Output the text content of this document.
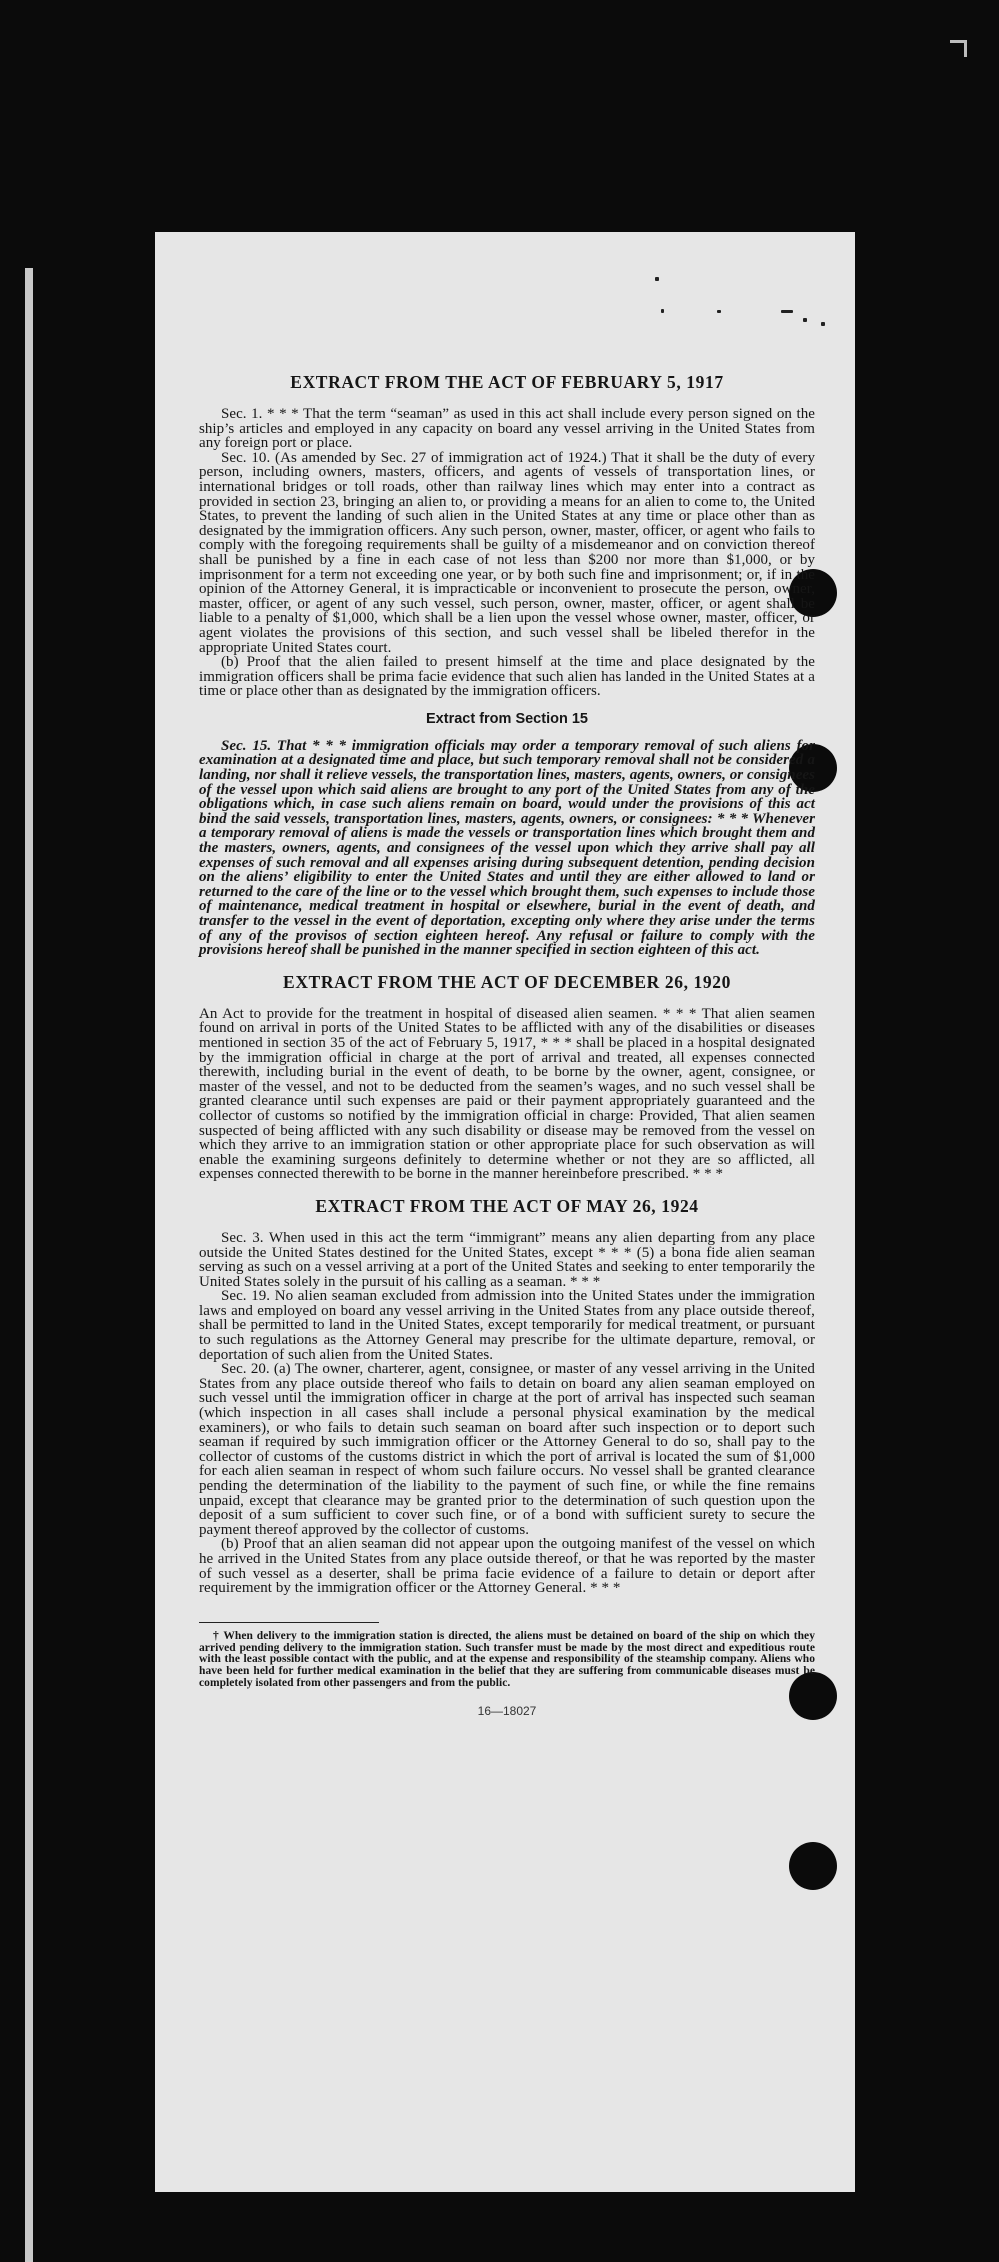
EXTRACT FROM THE ACT OF FEBRUARY 5, 1917

Sec. 1. * * * That the term “seaman” as used in this act shall include every person signed on the ship’s articles and employed in any capacity on board any vessel arriving in the United States from any foreign port or place.

Sec. 10. (As amended by Sec. 27 of immigration act of 1924.) That it shall be the duty of every person, including owners, masters, officers, and agents of vessels of transportation lines, or international bridges or toll roads, other than railway lines which may enter into a contract as provided in section 23, bringing an alien to, or providing a means for an alien to come to, the United States, to prevent the landing of such alien in the United States at any time or place other than as designated by the immigration officers. Any such person, owner, master, officer, or agent who fails to comply with the foregoing requirements shall be guilty of a misdemeanor and on conviction thereof shall be punished by a fine in each case of not less than $200 nor more than $1,000, or by imprisonment for a term not exceeding one year, or by both such fine and imprisonment; or, if in the opinion of the Attorney General, it is impracticable or inconvenient to prosecute the person, owner, master, officer, or agent of any such vessel, such person, owner, master, officer, or agent shall be liable to a penalty of $1,000, which shall be a lien upon the vessel whose owner, master, officer, or agent violates the provisions of this section, and such vessel shall be libeled therefor in the appropriate United States court.

(b) Proof that the alien failed to present himself at the time and place designated by the immigration officers shall be prima facie evidence that such alien has landed in the United States at a time or place other than as designated by the immigration officers.

Extract from Section 15

Sec. 15. That * * * immigration officials may order a temporary removal of such aliens for examination at a designated time and place, but such temporary removal shall not be considered a landing, nor shall it relieve vessels, the transportation lines, masters, agents, owners, or consignees of the vessel upon which said aliens are brought to any port of the United States from any of the obligations which, in case such aliens remain on board, would under the provisions of this act bind the said vessels, transportation lines, masters, agents, owners, or consignees: * * * Whenever a temporary removal of aliens is made the vessels or transportation lines which brought them and the masters, owners, agents, and consignees of the vessel upon which they arrive shall pay all expenses of such removal and all expenses arising during subsequent detention, pending decision on the aliens’ eligibility to enter the United States and until they are either allowed to land or returned to the care of the line or to the vessel which brought them, such expenses to include those of maintenance, medical treatment in hospital or elsewhere, burial in the event of death, and transfer to the vessel in the event of deportation, excepting only where they arise under the terms of any of the provisos of section eighteen hereof. Any refusal or failure to comply with the provisions hereof shall be punished in the manner specified in section eighteen of this act.

EXTRACT FROM THE ACT OF DECEMBER 26, 1920

An Act to provide for the treatment in hospital of diseased alien seamen. * * * That alien seamen found on arrival in ports of the United States to be afflicted with any of the disabilities or diseases mentioned in section 35 of the act of February 5, 1917, * * * shall be placed in a hospital designated by the immigration official in charge at the port of arrival and treated, all expenses connected therewith, including burial in the event of death, to be borne by the owner, agent, consignee, or master of the vessel, and not to be deducted from the seamen’s wages, and no such vessel shall be granted clearance until such expenses are paid or their payment appropriately guaranteed and the collector of customs so notified by the immigration official in charge: Provided, That alien seamen suspected of being afflicted with any such disability or disease may be removed from the vessel on which they arrive to an immigration station or other appropriate place for such observation as will enable the examining surgeons definitely to determine whether or not they are so afflicted, all expenses connected therewith to be borne in the manner hereinbefore prescribed. * * *

EXTRACT FROM THE ACT OF MAY 26, 1924

Sec. 3. When used in this act the term “immigrant” means any alien departing from any place outside the United States destined for the United States, except * * * (5) a bona fide alien seaman serving as such on a vessel arriving at a port of the United States and seeking to enter temporarily the United States solely in the pursuit of his calling as a seaman. * * *

Sec. 19. No alien seaman excluded from admission into the United States under the immigration laws and employed on board any vessel arriving in the United States from any place outside thereof, shall be permitted to land in the United States, except temporarily for medical treatment, or pursuant to such regulations as the Attorney General may prescribe for the ultimate departure, removal, or deportation of such alien from the United States.

Sec. 20. (a) The owner, charterer, agent, consignee, or master of any vessel arriving in the United States from any place outside thereof who fails to detain on board any alien seaman employed on such vessel until the immigration officer in charge at the port of arrival has inspected such seaman (which inspection in all cases shall include a personal physical examination by the medical examiners), or who fails to detain such seaman on board after such inspection or to deport such seaman if required by such immigration officer or the Attorney General to do so, shall pay to the collector of customs of the customs district in which the port of arrival is located the sum of $1,000 for each alien seaman in respect of whom such failure occurs. No vessel shall be granted clearance pending the determination of the liability to the payment of such fine, or while the fine remains unpaid, except that clearance may be granted prior to the determination of such question upon the deposit of a sum sufficient to cover such fine, or of a bond with sufficient surety to secure the payment thereof approved by the collector of customs.

(b) Proof that an alien seaman did not appear upon the outgoing manifest of the vessel on which he arrived in the United States from any place outside thereof, or that he was reported by the master of such vessel as a deserter, shall be prima facie evidence of a failure to detain or deport after requirement by the immigration officer or the Attorney General. * * *

† When delivery to the immigration station is directed, the aliens must be detained on board of the ship on which they arrived pending delivery to the immigration station. Such transfer must be made by the most direct and expeditious route with the least possible contact with the public, and at the expense and responsibility of the steamship company. Aliens who have been held for further medical examination in the belief that they are suffering from communicable diseases must be completely isolated from other passengers and from the public.

16—18027
